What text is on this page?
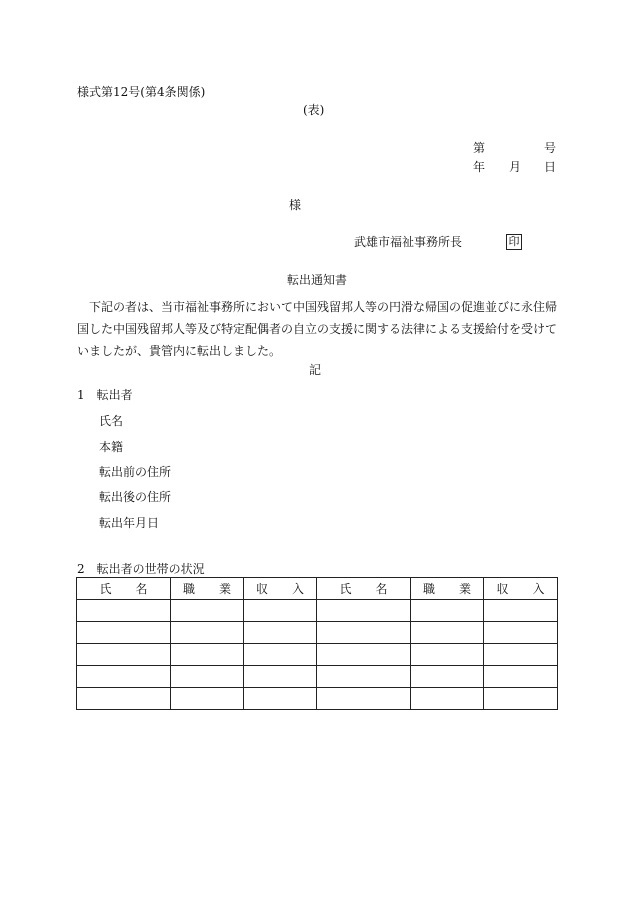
様式第12号(第4条関係)
(表)
第	号
年 月 日
様
武雄市福祉事務所長	印
転出通知書
下記の者は、当市福祉事務所において中国残留邦人等の円滑な帰国の促進並びに永住帰国した中国残留邦人等及び特定配偶者の自立の支援に関する法律による支援給付を受けていましたが、貴管内に転出しました。
記
1　転出者
氏名
本籍
転出前の住所
転出後の住所
転出年月日
2　転出者の世帯の状況
氏　　名	職　　業	収　　入	氏　　名	職　　業	収　　入
